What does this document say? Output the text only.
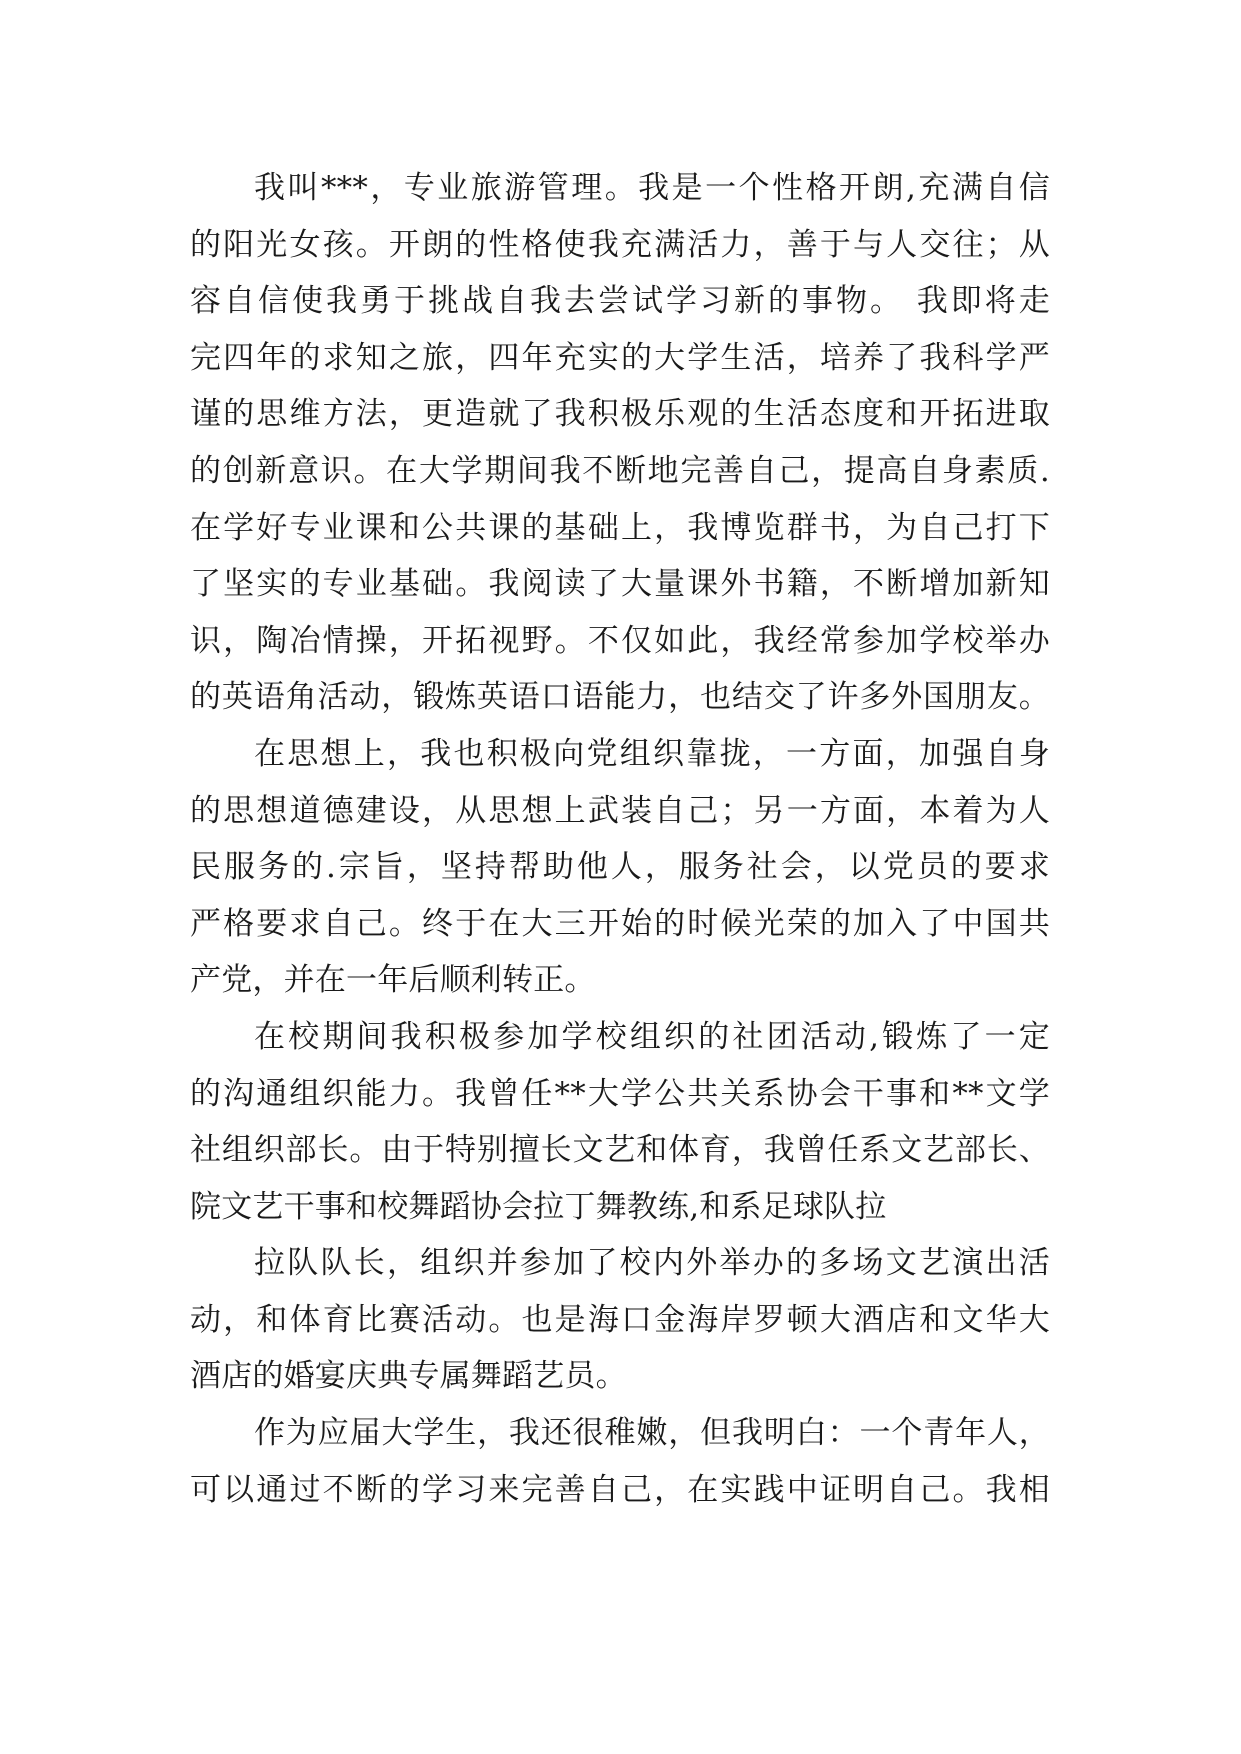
我叫***，专业旅游管理。我是一个性格开朗,充满自信
的阳光女孩。开朗的性格使我充满活力，善于与人交往；从
容自信使我勇于挑战自我去尝试学习新的事物。 我即将走
完四年的求知之旅，四年充实的大学生活，培养了我科学严
谨的思维方法，更造就了我积极乐观的生活态度和开拓进取
的创新意识。在大学期间我不断地完善自己，提高自身素质.
在学好专业课和公共课的基础上，我博览群书，为自己打下
了坚实的专业基础。我阅读了大量课外书籍，不断增加新知
识，陶冶情操，开拓视野。不仅如此，我经常参加学校举办
的英语角活动，锻炼英语口语能力，也结交了许多外国朋友。
在思想上，我也积极向党组织靠拢，一方面，加强自身
的思想道德建设，从思想上武装自己；另一方面，本着为人
民服务的.宗旨，坚持帮助他人，服务社会，以党员的要求
严格要求自己。终于在大三开始的时候光荣的加入了中国共
产党，并在一年后顺利转正。
在校期间我积极参加学校组织的社团活动,锻炼了一定
的沟通组织能力。我曾任**大学公共关系协会干事和**文学
社组织部长。由于特别擅长文艺和体育，我曾任系文艺部长、
院文艺干事和校舞蹈协会拉丁舞教练,和系足球队拉
拉队队长，组织并参加了校内外举办的多场文艺演出活
动，和体育比赛活动。也是海口金海岸罗顿大酒店和文华大
酒店的婚宴庆典专属舞蹈艺员。
作为应届大学生，我还很稚嫩，但我明白：一个青年人，
可以通过不断的学习来完善自己，在实践中证明自己。我相
